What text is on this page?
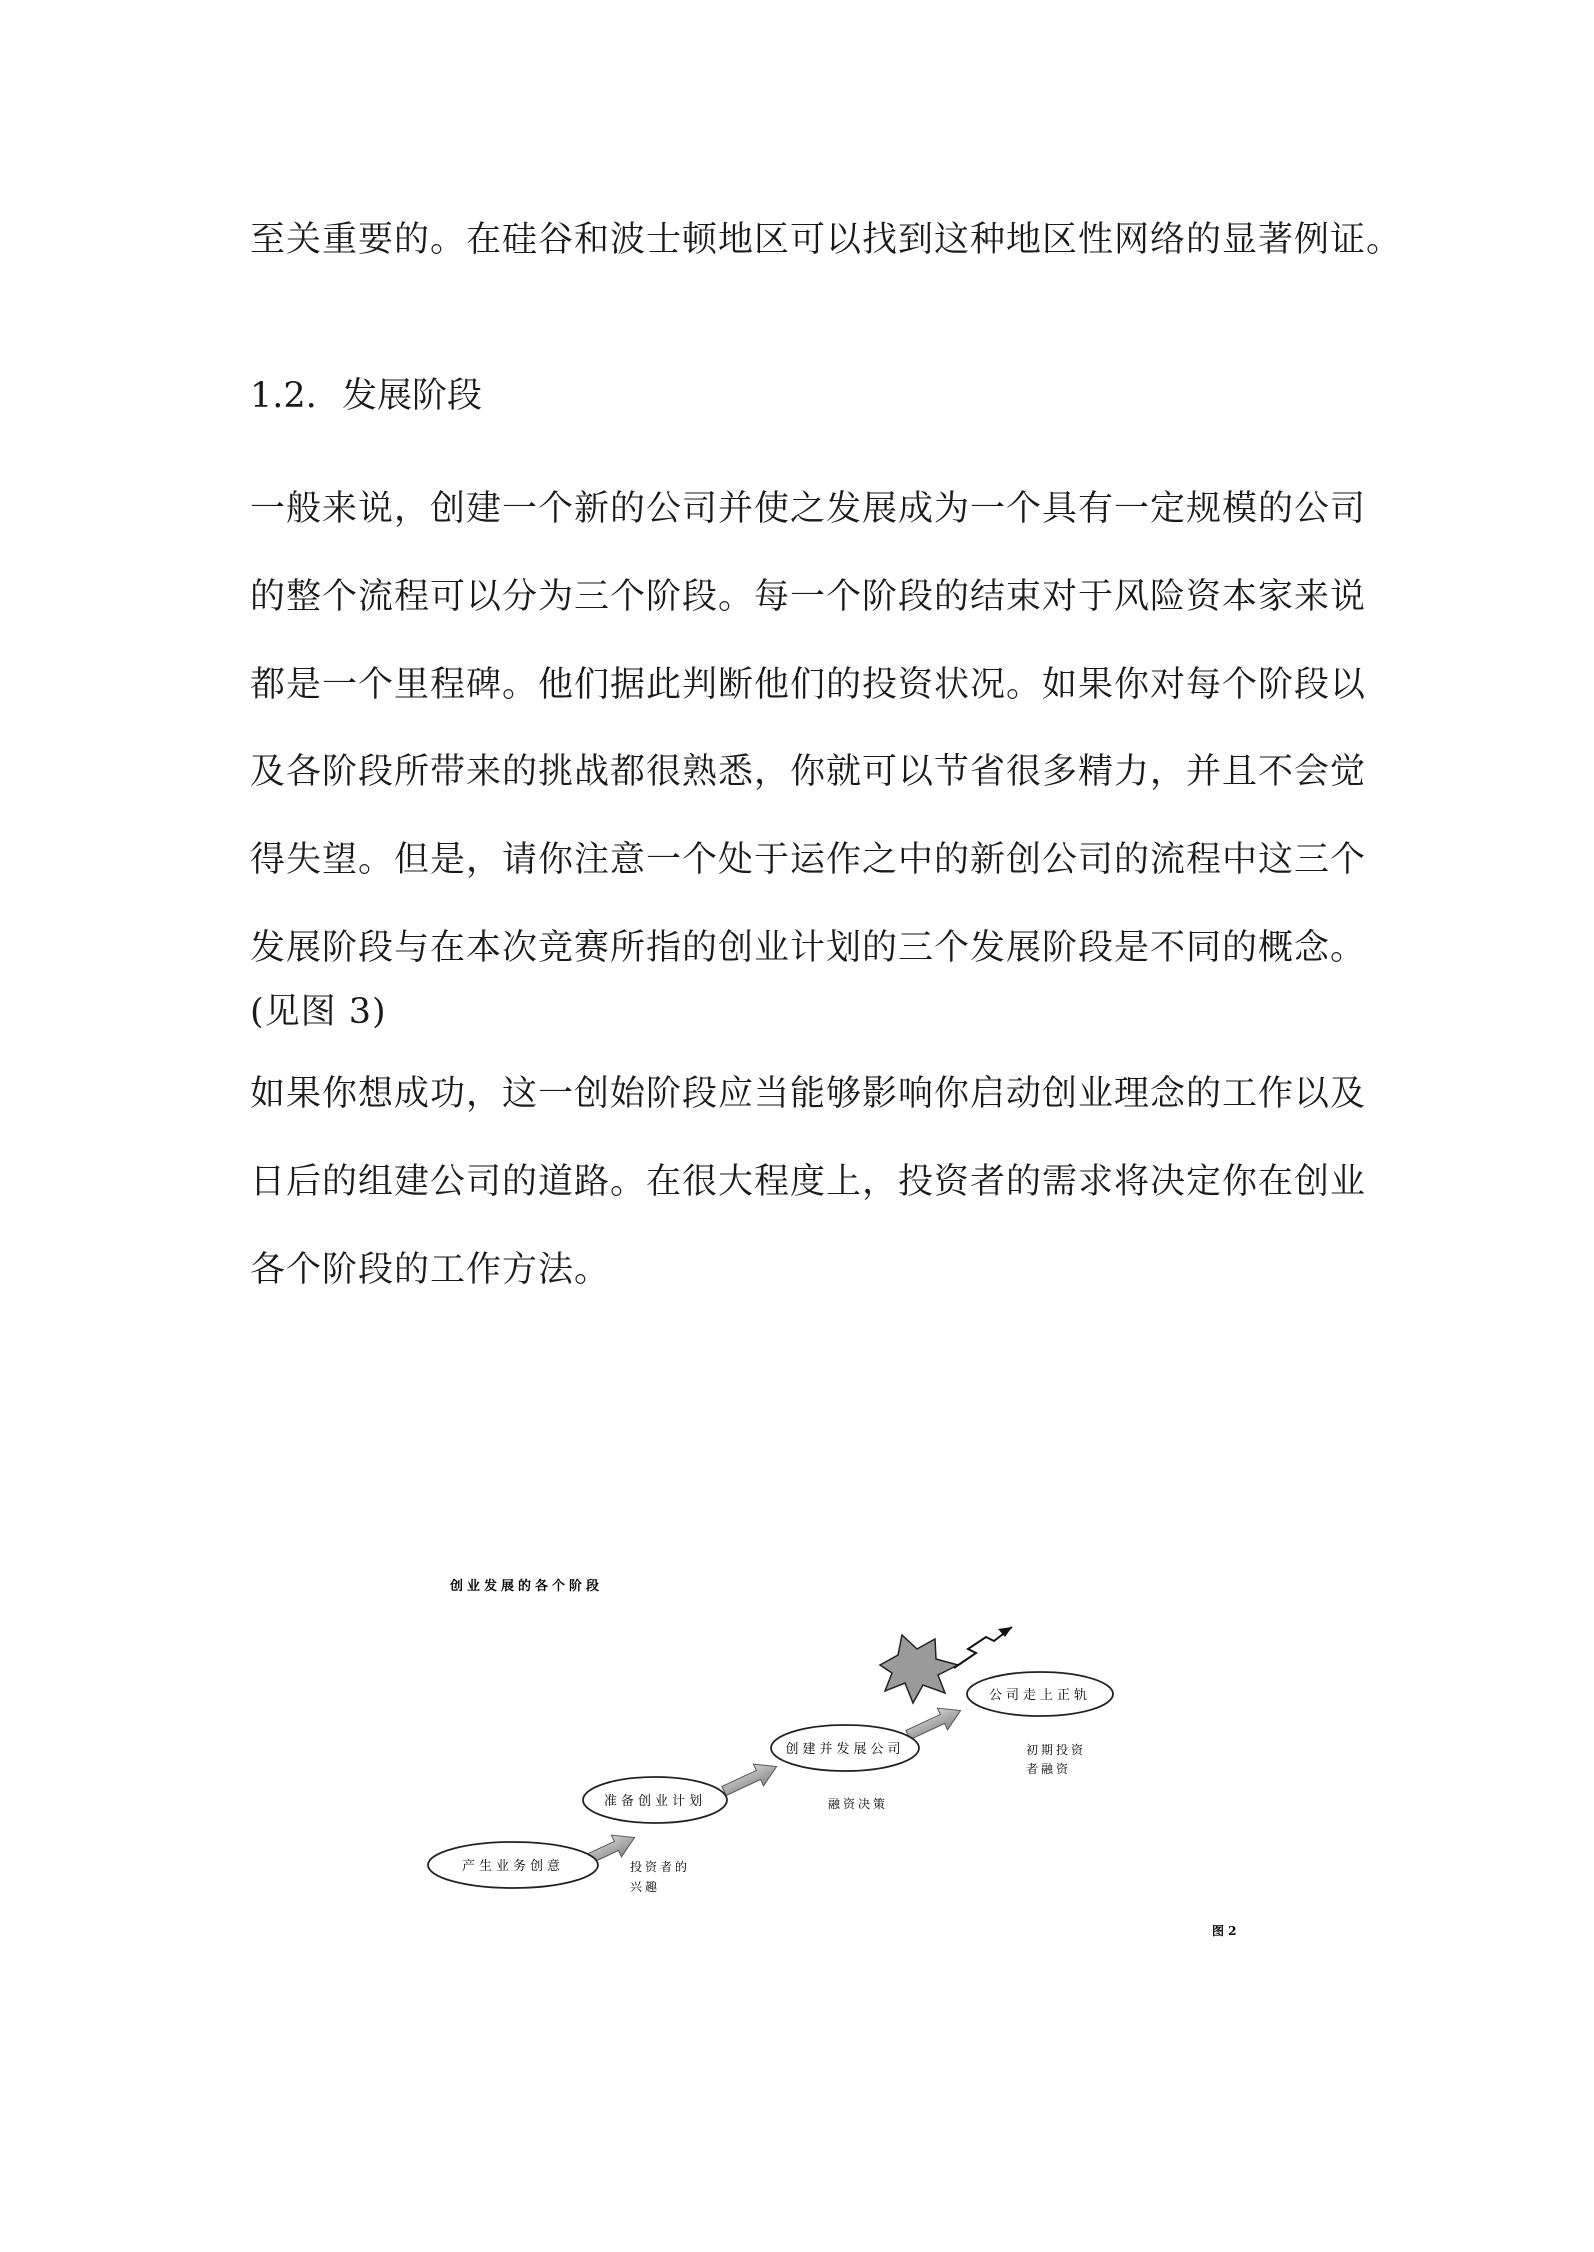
至关重要的。在硅谷和波士顿地区可以找到这种地区性网络的显著例证。
1.2. 发展阶段
一般来说，创建一个新的公司并使之发展成为一个具有一定规模的公司
的整个流程可以分为三个阶段。每一个阶段的结束对于风险资本家来说
都是一个里程碑。他们据此判断他们的投资状况。如果你对每个阶段以
及各阶段所带来的挑战都很熟悉，你就可以节省很多精力，并且不会觉
得失望。但是，请你注意一个处于运作之中的新创公司的流程中这三个
发展阶段与在本次竞赛所指的创业计划的三个发展阶段是不同的概念。
(见图 3)
如果你想成功，这一创始阶段应当能够影响你启动创业理念的工作以及
日后的组建公司的道路。在很大程度上，投资者的需求将决定你在创业
各个阶段的工作方法。
创业发展的各个阶段
产生业务创意
准备创业计划
创建并发展公司
公司走上正轨
投资者的
兴趣
融资决策
初期投资
者融资
图 2
